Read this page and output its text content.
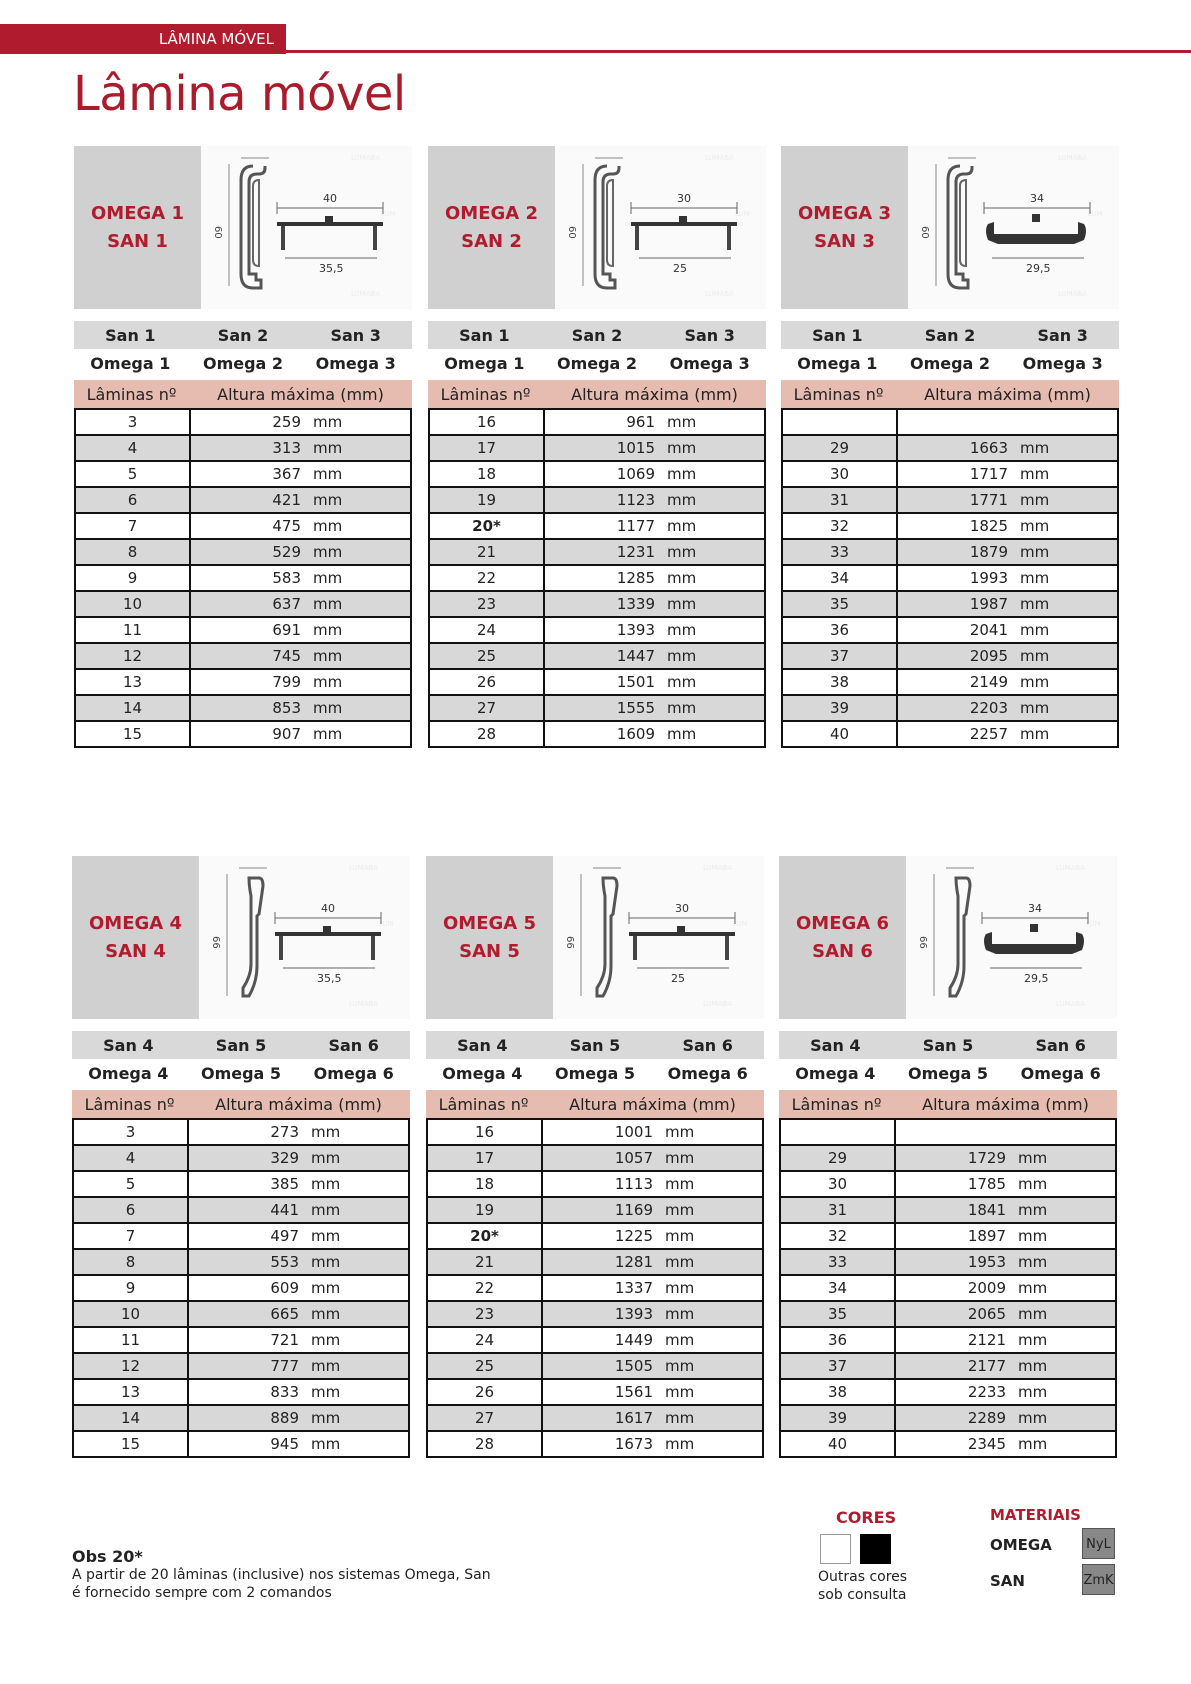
LÂMINA MÓVEL
Lâmina móvel
OMEGA 1
SAN 1
LUMABA
LUMABA
LUM
60
40
35,5
San 1	San 2	San 3
Omega 1	Omega 2	Omega 3
Lâminas nº	Altura máxima (mm)
3	259 mm
4	313 mm
5	367 mm
6	421 mm
7	475 mm
8	529 mm
9	583 mm
10	637 mm
11	691 mm
12	745 mm
13	799 mm
14	853 mm
15	907 mm
OMEGA 2
SAN 2
LUMABA
LUMABA
LUM
60
30
25
San 1	San 2	San 3
Omega 1	Omega 2	Omega 3
Lâminas nº	Altura máxima (mm)
16	961 mm
17	1015 mm
18	1069 mm
19	1123 mm
20*	1177 mm
21	1231 mm
22	1285 mm
23	1339 mm
24	1393 mm
25	1447 mm
26	1501 mm
27	1555 mm
28	1609 mm
OMEGA 3
SAN 3
LUMABA
LUMABA
LUM
60
34
29,5
San 1	San 2	San 3
Omega 1	Omega 2	Omega 3
Lâminas nº	Altura máxima (mm)

29	1663 mm
30	1717 mm
31	1771 mm
32	1825 mm
33	1879 mm
34	1993 mm
35	1987 mm
36	2041 mm
37	2095 mm
38	2149 mm
39	2203 mm
40	2257 mm
OMEGA 4
SAN 4
LUMABA
LUMABA
LUM
66
40
35,5
San 4	San 5	San 6
Omega 4	Omega 5	Omega 6
Lâminas nº	Altura máxima (mm)
3	273 mm
4	329 mm
5	385 mm
6	441 mm
7	497 mm
8	553 mm
9	609 mm
10	665 mm
11	721 mm
12	777 mm
13	833 mm
14	889 mm
15	945 mm
OMEGA 5
SAN 5
LUMABA
LUMABA
LUM
66
30
25
San 4	San 5	San 6
Omega 4	Omega 5	Omega 6
Lâminas nº	Altura máxima (mm)
16	1001 mm
17	1057 mm
18	1113 mm
19	1169 mm
20*	1225 mm
21	1281 mm
22	1337 mm
23	1393 mm
24	1449 mm
25	1505 mm
26	1561 mm
27	1617 mm
28	1673 mm
OMEGA 6
SAN 6
LUMABA
LUMABA
LUM
66
34
29,5
San 4	San 5	San 6
Omega 4	Omega 5	Omega 6
Lâminas nº	Altura máxima (mm)

29	1729 mm
30	1785 mm
31	1841 mm
32	1897 mm
33	1953 mm
34	2009 mm
35	2065 mm
36	2121 mm
37	2177 mm
38	2233 mm
39	2289 mm
40	2345 mm
Obs 20*
A partir de 20 lâminas (inclusive) nos sistemas Omega, San
é fornecido sempre com 2 comandos
CORES
Outras cores
sob consulta
MATERIAIS
OMEGA	NyL
SAN	ZmK
